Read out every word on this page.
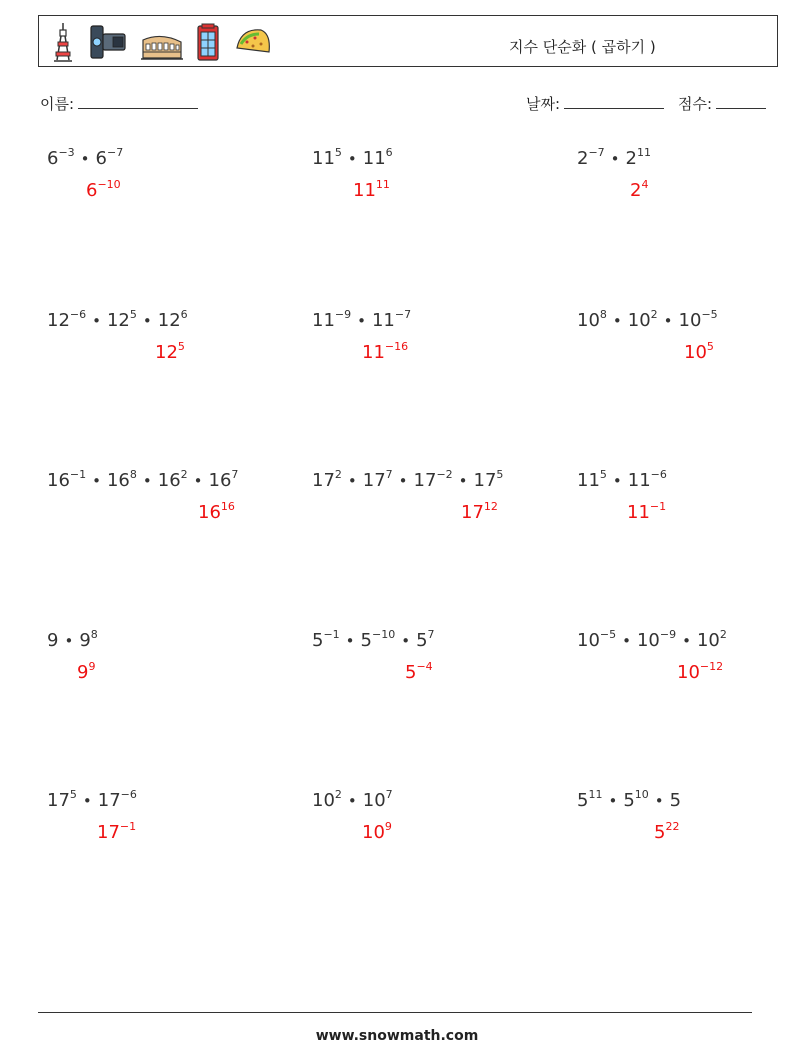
지수 단순화 ( 곱하기 )
이름:	날짜:	점수:
$6^{-3}$ • $6^{-7}$
$6^{-10}$
$11^5$ • $11^6$
$11^{11}$
$2^{-7}$ • $2^{11}$
$2^4$
$12^{-6}$ • $12^5$ • $12^6$
$12^5$
$11^{-9}$ • $11^{-7}$
$11^{-16}$
$10^8$ • $10^2$ • $10^{-5}$
$10^5$
$16^{-1}$ • $16^8$ • $16^2$ • $16^7$
$16^{16}$
$17^2$ • $17^7$ • $17^{-2}$ • $17^5$
$17^{12}$
$11^5$ • $11^{-6}$
$11^{-1}$
9 • $9^8$
$9^9$
$5^{-1}$ • $5^{-10}$ • $5^7$
$5^{-4}$
$10^{-5}$ • $10^{-9}$ • $10^2$
$10^{-12}$
$17^5$ • $17^{-6}$
$17^{-1}$
$10^2$ • $10^7$
$10^9$
$5^{11}$ • $5^{10}$ • 5
$5^{22}$
www.snowmath.com
